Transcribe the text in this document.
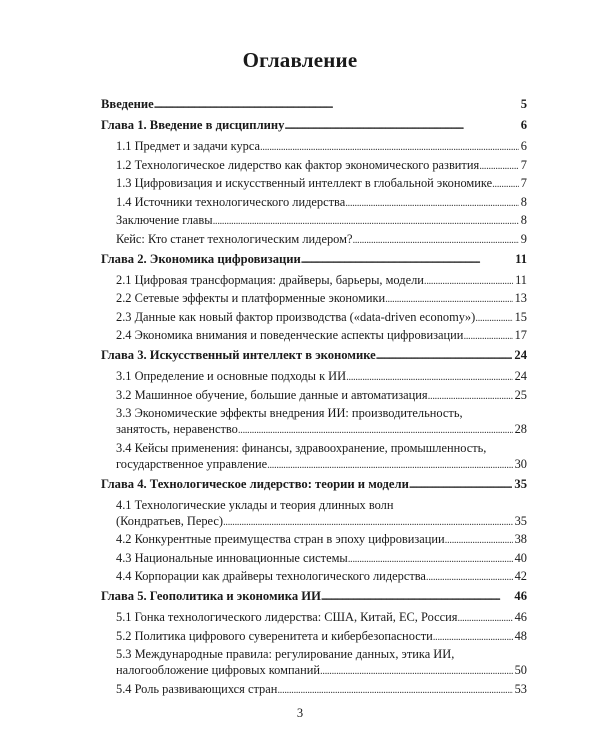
Оглавление
Введение . . .	5
Глава 1. Введение в дисциплину . . .	6
1.1 Предмет и задачи курса . . .	6
1.2 Технологическое лидерство как фактор экономического развития . . .	7
1.3 Цифровизация и искусственный интеллект в глобальной экономике . . . 7
1.4 Источники технологического лидерства . . .	8
Заключение главы . . .	8
Кейс: Кто станет технологическим лидером? . . .	9
Глава 2. Экономика цифровизации . . .	11
2.1 Цифровая трансформация: драйверы, барьеры, модели . . .	11
2.2 Сетевые эффекты и платформенные экономики . . .	13
2.3 Данные как новый фактор производства («data-driven economy») . . .	15
2.4 Экономика внимания и поведенческие аспекты цифровизации . . .	17
Глава 3. Искусственный интеллект в экономике . . .	24
3.1 Определение и основные подходы к ИИ . . .	24
3.2 Машинное обучение, большие данные и автоматизация . . .	25
3.3 Экономические эффекты внедрения ИИ: производительность,
занятость, неравенство . . .	28
3.4 Кейсы применения: финансы, здравоохранение, промышленность,
государственное управление . . .	30
Глава 4. Технологическое лидерство: теории и модели . . .	35
4.1 Технологические уклады и теория длинных волн
(Кондратьев, Перес) . . .	35
4.2 Конкурентные преимущества стран в эпоху цифровизации . . .	38
4.3 Национальные инновационные системы . . .	40
4.4 Корпорации как драйверы технологического лидерства . . .	42
Глава 5. Геополитика и экономика ИИ . . .	46
5.1 Гонка технологического лидерства: США, Китай, ЕС, Россия . . .	46
5.2 Политика цифрового суверенитета и кибербезопасности . . .	48
5.3 Международные правила: регулирование данных, этика ИИ,
налогообложение цифровых компаний . . .	50
5.4 Роль развивающихся стран . . .	53
3
